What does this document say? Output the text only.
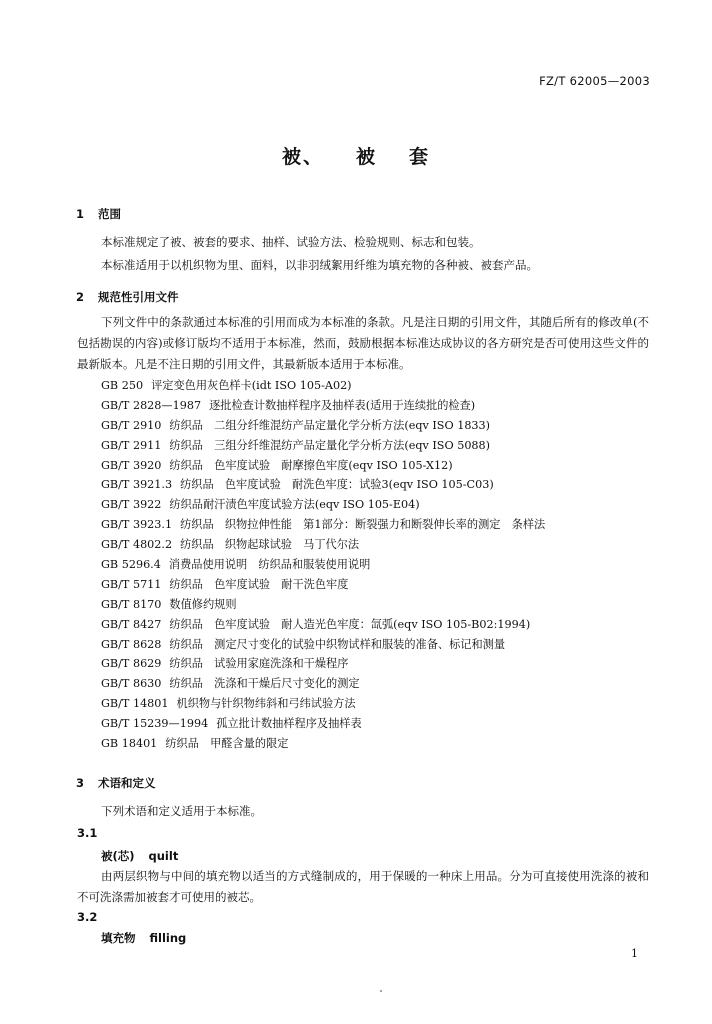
FZ/T 62005—2003
被、 被 套
1 范围
本标准规定了被、被套的要求、抽样、试验方法、检验规则、标志和包装。
本标准适用于以机织物为里、面料，以非羽绒絮用纤维为填充物的各种被、被套产品。
2 规范性引用文件

下列文件中的条款通过本标准的引用而成为本标准的条款。凡是注日期的引用文件，其随后所有的修改单(不包括勘误的内容)或修订版均不适用于本标准，然而，鼓励根据本标准达成协议的各方研究是否可使用这些文件的最新版本。凡是不注日期的引用文件，其最新版本适用于本标准。

GB 250 评定变色用灰色样卡(idt ISO 105-A02)
GB/T 2828—1987 逐批检查计数抽样程序及抽样表(适用于连续批的检查)
GB/T 2910 纺织品　二组分纤维混纺产品定量化学分析方法(eqv ISO 1833)
GB/T 2911 纺织品　三组分纤维混纺产品定量化学分析方法(eqv ISO 5088)
GB/T 3920 纺织品　色牢度试验　耐摩擦色牢度(eqv ISO 105-X12)
GB/T 3921.3 纺织品　色牢度试验　耐洗色牢度：试验3(eqv ISO 105-C03)
GB/T 3922 纺织品耐汗渍色牢度试验方法(eqv ISO 105-E04)
GB/T 3923.1 纺织品　织物拉伸性能　第1部分：断裂强力和断裂伸长率的测定　条样法
GB/T 4802.2 纺织品　织物起球试验　马丁代尔法
GB 5296.4 消费品使用说明　纺织品和服装使用说明
GB/T 5711 纺织品　色牢度试验　耐干洗色牢度
GB/T 8170 数值修约规则
GB/T 8427 纺织品　色牢度试验　耐人造光色牢度：氙弧(eqv ISO 105-B02:1994)
GB/T 8628 纺织品　测定尺寸变化的试验中织物试样和服装的准备、标记和测量
GB/T 8629 纺织品　试验用家庭洗涤和干燥程序
GB/T 8630 纺织品　洗涤和干燥后尺寸变化的测定
GB/T 14801 机织物与针织物纬斜和弓纬试验方法
GB/T 15239—1994 孤立批计数抽样程序及抽样表
GB 18401 纺织品　甲醛含量的限定
3 术语和定义
下列术语和定义适用于本标准。
3.1
被(芯) quilt

由两层织物与中间的填充物以适当的方式缝制成的，用于保暖的一种床上用品。分为可直接使用洗涤的被和不可洗涤需加被套才可使用的被芯。

3.2
填充物 filling
1
